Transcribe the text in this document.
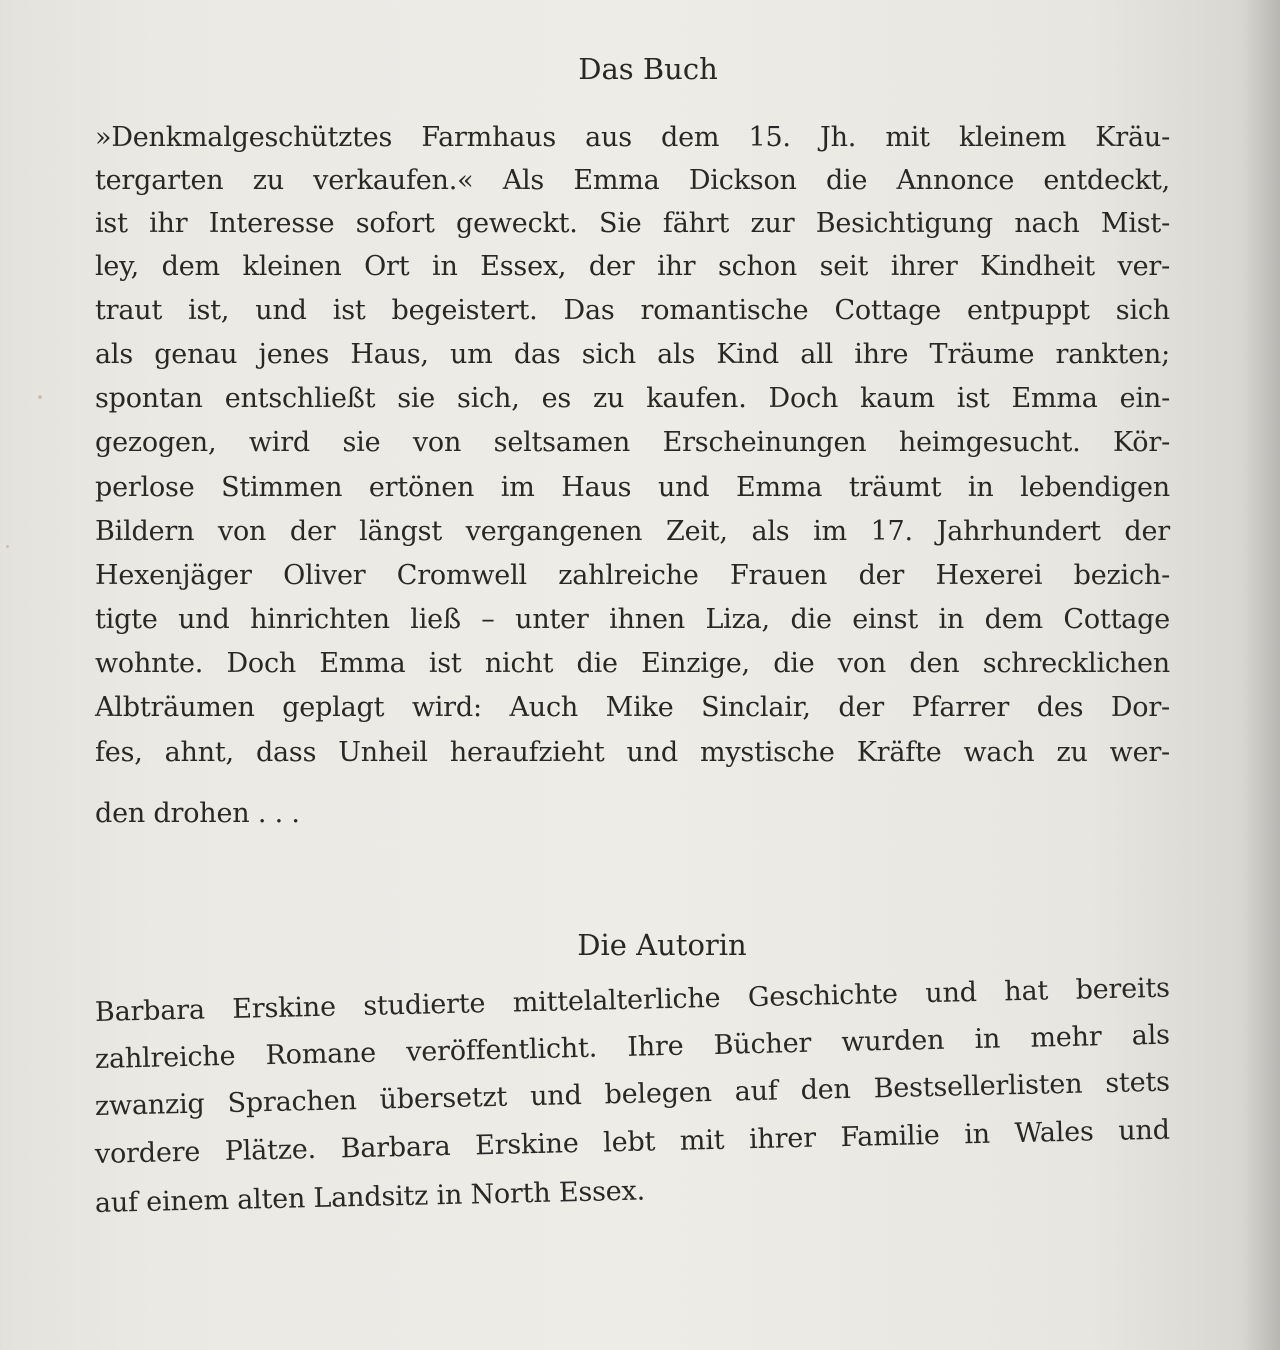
Das Buch
»Denkmalgeschütztes Farmhaus aus dem 15. Jh. mit kleinem Kräu-
tergarten zu verkaufen.« Als Emma Dickson die Annonce entdeckt,
ist ihr Interesse sofort geweckt. Sie fährt zur Besichtigung nach Mist-
ley, dem kleinen Ort in Essex, der ihr schon seit ihrer Kindheit ver-
traut ist, und ist begeistert. Das romantische Cottage entpuppt sich
als genau jenes Haus, um das sich als Kind all ihre Träume rankten;
spontan entschließt sie sich, es zu kaufen. Doch kaum ist Emma ein-
gezogen, wird sie von seltsamen Erscheinungen heimgesucht. Kör-
perlose Stimmen ertönen im Haus und Emma träumt in lebendigen
Bildern von der längst vergangenen Zeit, als im 17. Jahrhundert der
Hexenjäger Oliver Cromwell zahlreiche Frauen der Hexerei bezich-
tigte und hinrichten ließ – unter ihnen Liza, die einst in dem Cottage
wohnte. Doch Emma ist nicht die Einzige, die von den schrecklichen
Albträumen geplagt wird: Auch Mike Sinclair, der Pfarrer des Dor-
fes, ahnt, dass Unheil heraufzieht und mystische Kräfte wach zu wer-
den drohen . . .
Die Autorin
Barbara Erskine studierte mittelalterliche Geschichte und hat bereits
zahlreiche Romane veröffentlicht. Ihre Bücher wurden in mehr als
zwanzig Sprachen übersetzt und belegen auf den Bestsellerlisten stets
vordere Plätze. Barbara Erskine lebt mit ihrer Familie in Wales und
auf einem alten Landsitz in North Essex.
